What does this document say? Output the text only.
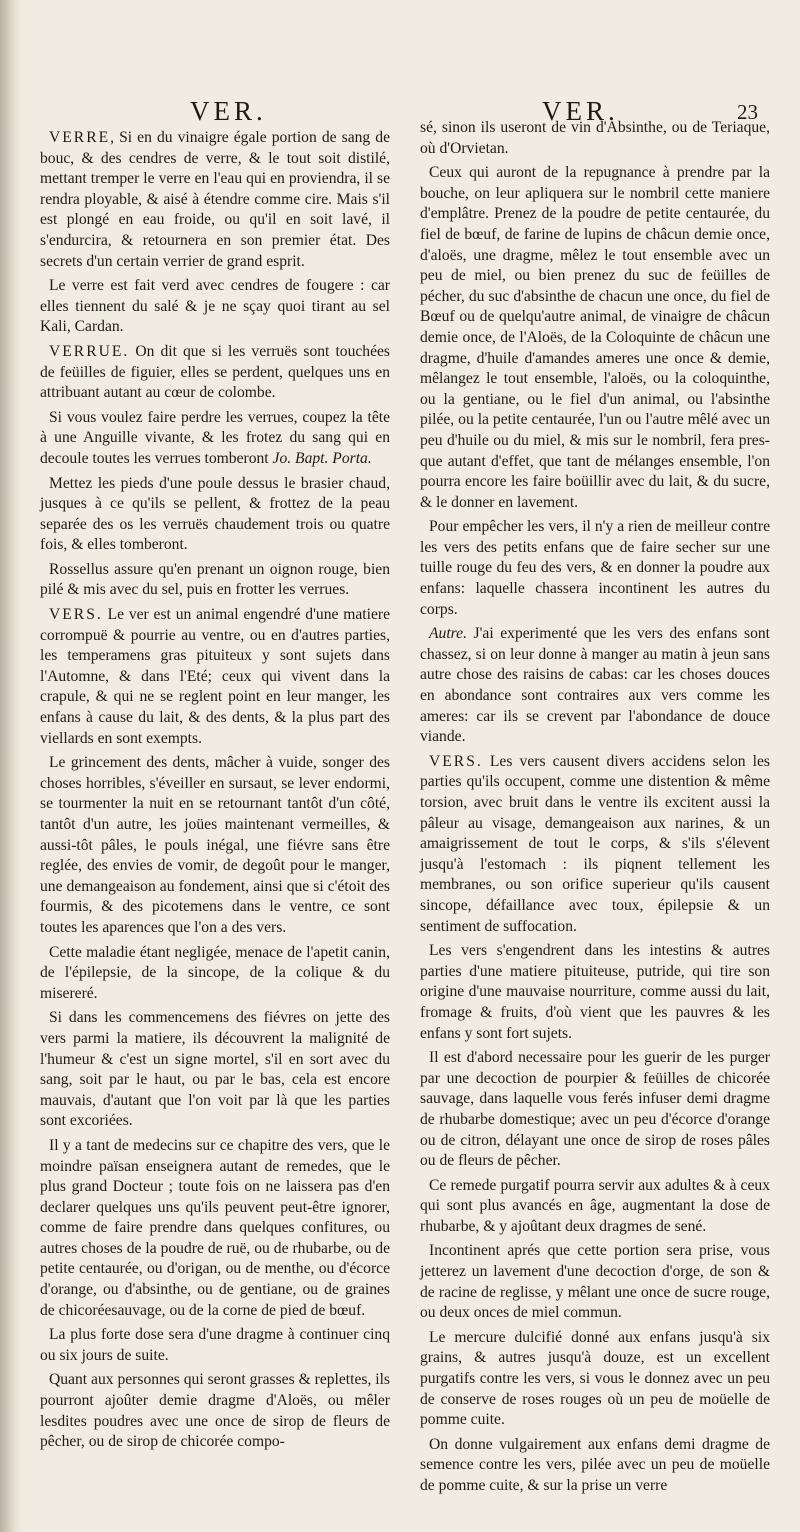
VER.	VER.	23

VERRE, Si en du vinaigre égale portion de sang de bouc, & des cendres de verre, & le tout soit distilé, mettant tremper le verre en l'eau qui en proviendra, il se rendra ployable, & aisé à étendre comme cire. Mais s'il est plongé en eau froide, ou qu'il en soit lavé, il s'endurcira, & retournera en son premier état. Des secrets d'un certain verrier de grand esprit.

Le verre est fait verd avec cendres de fougere : car elles tiennent du salé & je ne sçay quoi tirant au sel Kali, Cardan.

VERRUE. On dit que si les verruës sont touchées de feüilles de figuier, elles se perdent, quelques uns en attribuant autant au cœur de colombe.

Si vous voulez faire perdre les verrues, coupez la tête à une Anguille vivante, & les frotez du sang qui en decoule toutes les verrues tomberont Jo. Bapt. Porta.

Mettez les pieds d'une poule dessus le brasier chaud, jusques à ce qu'ils se pellent, & frottez de la peau separée des os les verruës chaudement trois ou quatre fois, & elles tomberont.

Rossellus assure qu'en prenant un oignon rouge, bien pilé & mis avec du sel, puis en frotter les verrues.

VERS. Le ver est un animal engendré d'une matiere corrompuë & pourrie au ventre, ou en d'autres parties, les temperamens gras pituiteux y sont sujets dans l'Automne, & dans l'Eté; ceux qui vivent dans la crapule, & qui ne se reglent point en leur manger, les enfans à cause du lait, & des dents, & la plus part des viellards en sont exempts.

Le grincement des dents, mâcher à vuide, songer des choses horribles, s'éveiller en sursaut, se lever endormi, se tourmenter la nuit en se retournant tantôt d'un côté, tantôt d'un autre, les joües maintenant vermeilles, & aussi-tôt pâles, le pouls inégal, une fiévre sans être reglée, des envies de vomir, de degoût pour le manger, une demangeaison au fondement, ainsi que si c'étoit des fourmis, & des picotemens dans le ventre, ce sont toutes les aparences que l'on a des vers.

Cette maladie étant negligée, menace de l'apetit canin, de l'épilepsie, de la sincope, de la colique & du misereré.

Si dans les commencemens des fiévres on jette des vers parmi la matiere, ils découvrent la malignité de l'humeur & c'est un signe mortel, s'il en sort avec du sang, soit par le haut, ou par le bas, cela est encore mauvais, d'autant que l'on voit par là que les parties sont excoriées.

Il y a tant de medecins sur ce chapitre des vers, que le moindre païsan enseignera autant de remedes, que le plus grand Docteur ; toute fois on ne laissera pas d'en declarer quelques uns qu'ils peuvent peut-être ignorer, comme de faire prendre dans quelques confitures, ou autres choses de la poudre de ruë, ou de rhubarbe, ou de petite centaurée, ou d'origan, ou de menthe, ou d'écorce d'orange, ou d'absinthe, ou de gentiane, ou de graines de chicoréesauvage, ou de la corne de pied de bœuf.

La plus forte dose sera d'une dragme à continuer cinq ou six jours de suite.

Quant aux personnes qui seront grasses & replettes, ils pourront ajoûter demie dragme d'Aloës, ou mêler lesdites poudres avec une once de sirop de fleurs de pêcher, ou de sirop de chicorée compo-

sé, sinon ils useront de vin d'Absinthe, ou de Teriaque, où d'Orvietan.

Ceux qui auront de la repugnance à prendre par la bouche, on leur apliquera sur le nombril cette maniere d'emplâtre. Prenez de la poudre de petite centaurée, du fiel de bœuf, de farine de lupins de châcun demie once, d'aloës, une dragme, mêlez le tout ensemble avec un peu de miel, ou bien prenez du suc de feüilles de pécher, du suc d'absinthe de chacun une once, du fiel de Bœuf ou de quelqu'autre animal, de vinaigre de châcun demie once, de l'Aloës, de la Coloquinte de châcun une dragme, d'huile d'amandes ameres une once & demie, mêlangez le tout ensemble, l'aloës, ou la coloquinthe, ou la gentiane, ou le fiel d'un animal, ou l'absinthe pilée, ou la petite centaurée, l'un ou l'autre mêlé avec un peu d'huile ou du miel, & mis sur le nombril, fera presque autant d'effet, que tant de mélanges ensemble, l'on pourra encore les faire boüillir avec du lait, & du sucre, & le donner en lavement.

Pour empêcher les vers, il n'y a rien de meilleur contre les vers des petits enfans que de faire secher sur une tuille rouge du feu des vers, & en donner la poudre aux enfans: laquelle chassera incontinent les autres du corps.

Autre. J'ai experimenté que les vers des enfans sont chassez, si on leur donne à manger au matin à jeun sans autre chose des raisins de cabas: car les choses douces en abondance sont contraires aux vers comme les ameres: car ils se crevent par l'abondance de douce viande.

VERS. Les vers causent divers accidens selon les parties qu'ils occupent, comme une distention & même torsion, avec bruit dans le ventre ils excitent aussi la pâleur au visage, demangeaison aux narines, & un amaigrissement de tout le corps, & s'ils s'élevent jusqu'à l'estomach : ils piqnent tellement les membranes, ou son orifice superieur qu'ils causent sincope, défaillance avec toux, épilepsie & un sentiment de suffocation.

Les vers s'engendrent dans les intestins & autres parties d'une matiere pituiteuse, putride, qui tire son origine d'une mauvaise nourriture, comme aussi du lait, fromage & fruits, d'où vient que les pauvres & les enfans y sont fort sujets.

Il est d'abord necessaire pour les guerir de les purger par une decoction de pourpier & feüilles de chicorée sauvage, dans laquelle vous ferés infuser demi dragme de rhubarbe domestique; avec un peu d'écorce d'orange ou de citron, délayant une once de sirop de roses pâles ou de fleurs de pêcher.

Ce remede purgatif pourra servir aux adultes & à ceux qui sont plus avancés en âge, augmentant la dose de rhubarbe, & y ajoûtant deux dragmes de sené.

Incontinent aprés que cette portion sera prise, vous jetterez un lavement d'une decoction d'orge, de son & de racine de reglisse, y mêlant une once de sucre rouge, ou deux onces de miel commun.

Le mercure dulcifié donné aux enfans jusqu'à six grains, & autres jusqu'à douze, est un excellent purgatifs contre les vers, si vous le donnez avec un peu de conserve de roses rouges où un peu de moüelle de pomme cuite.

On donne vulgairement aux enfans demi dragme de semence contre les vers, pilée avec un peu de moüelle de pomme cuite, & sur la prise un verre
